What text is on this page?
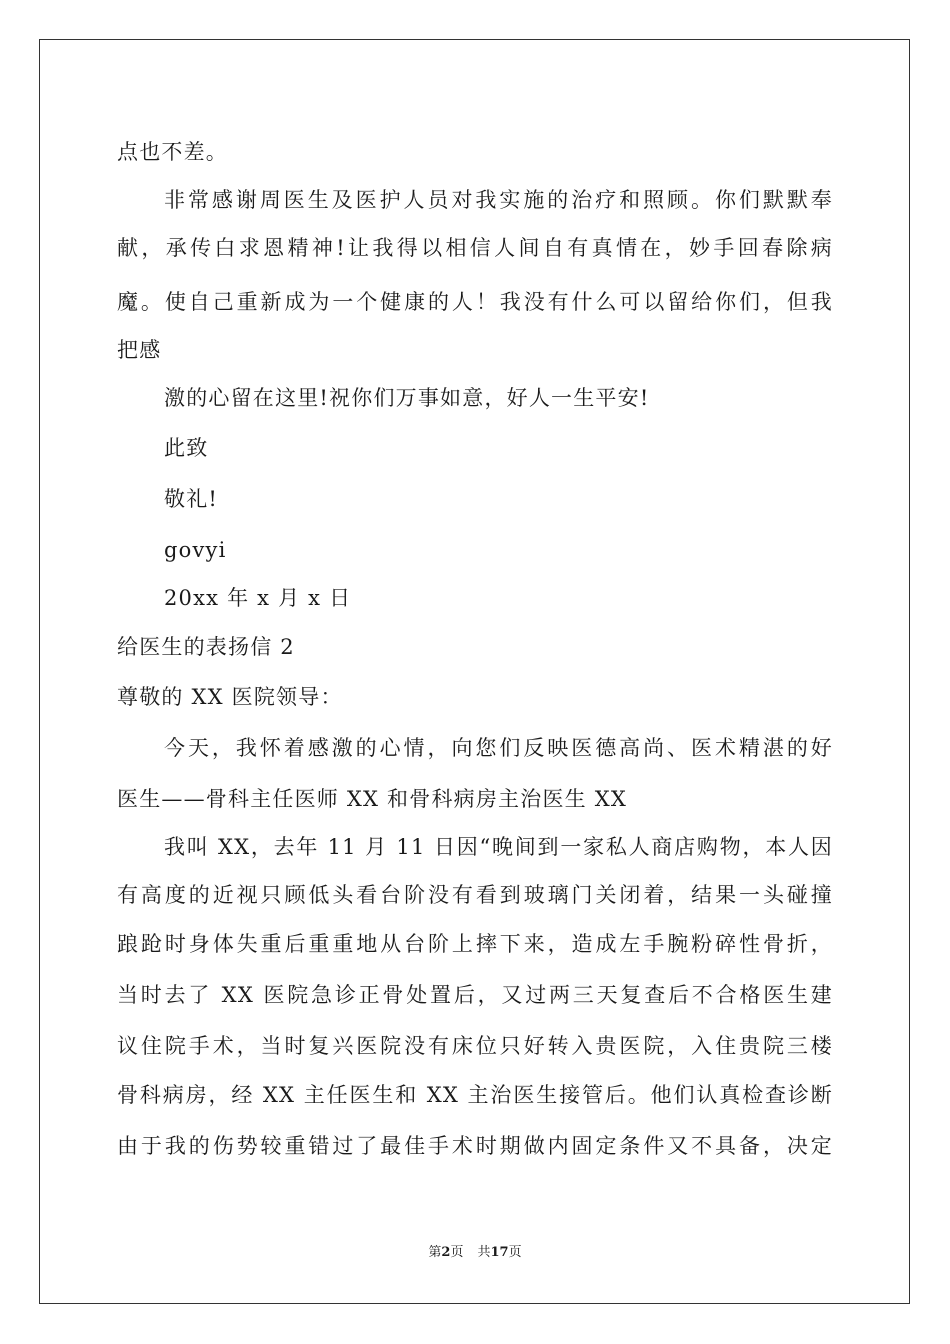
点也不差。
非常感谢周医生及医护人员对我实施的治疗和照顾。你们默默奉
献，承传白求恩精神!让我得以相信人间自有真情在，妙手回春除病
魔。使自己重新成为一个健康的人！我没有什么可以留给你们，但我
把感
激的心留在这里!祝你们万事如意，好人一生平安!
此致
敬礼!
govyi
20xx 年 x 月 x 日
给医生的表扬信 2
尊敬的 XX 医院领导：
今天，我怀着感激的心情，向您们反映医德高尚、医术精湛的好
医生——骨科主任医师 XX 和骨科病房主治医生 XX
我叫 XX，去年 11 月 11 日因“晚间到一家私人商店购物，本人因
有高度的近视只顾低头看台阶没有看到玻璃门关闭着，结果一头碰撞
踉跄时身体失重后重重地从台阶上摔下来，造成左手腕粉碎性骨折，
当时去了 XX 医院急诊正骨处置后，又过两三天复查后不合格医生建
议住院手术，当时复兴医院没有床位只好转入贵医院，入住贵院三楼
骨科病房，经 XX 主任医生和 XX 主治医生接管后。他们认真检查诊断
由于我的伤势较重错过了最佳手术时期做内固定条件又不具备，决定
第2页 共17页
